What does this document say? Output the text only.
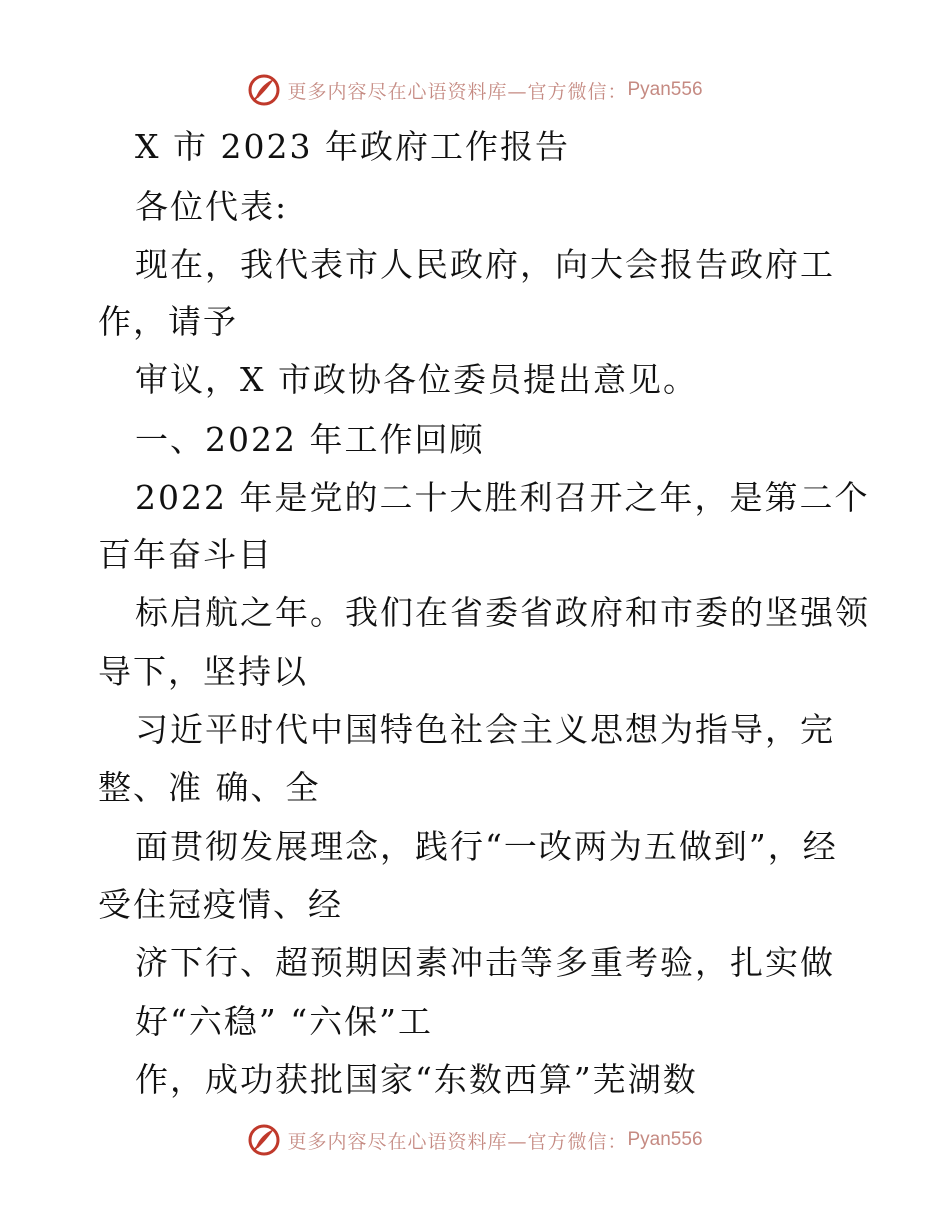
更多内容尽在心语资料库—官方微信： Pyan556
X 市 2023 年政府工作报告
各位代表:
现在，我代表市人民政府，向大会报告政府工
作，请予
审议，X 市政协各位委员提出意见。
一、2022 年工作回顾
2022 年是党的二十大胜利召开之年，是第二个
百年奋斗目
标启航之年。我们在省委省政府和市委的坚强领
导下，坚持以
习近平时代中国特色社会主义思想为指导，完
整、准 确、全
面贯彻发展理念，践行“一改两为五做到”，经
受住冠疫情、经
济下行、超预期因素冲击等多重考验，扎实做
好“六稳” “六保”工
作，成功获批国家“东数西算”芜湖数
更多内容尽在心语资料库—官方微信： Pyan556
